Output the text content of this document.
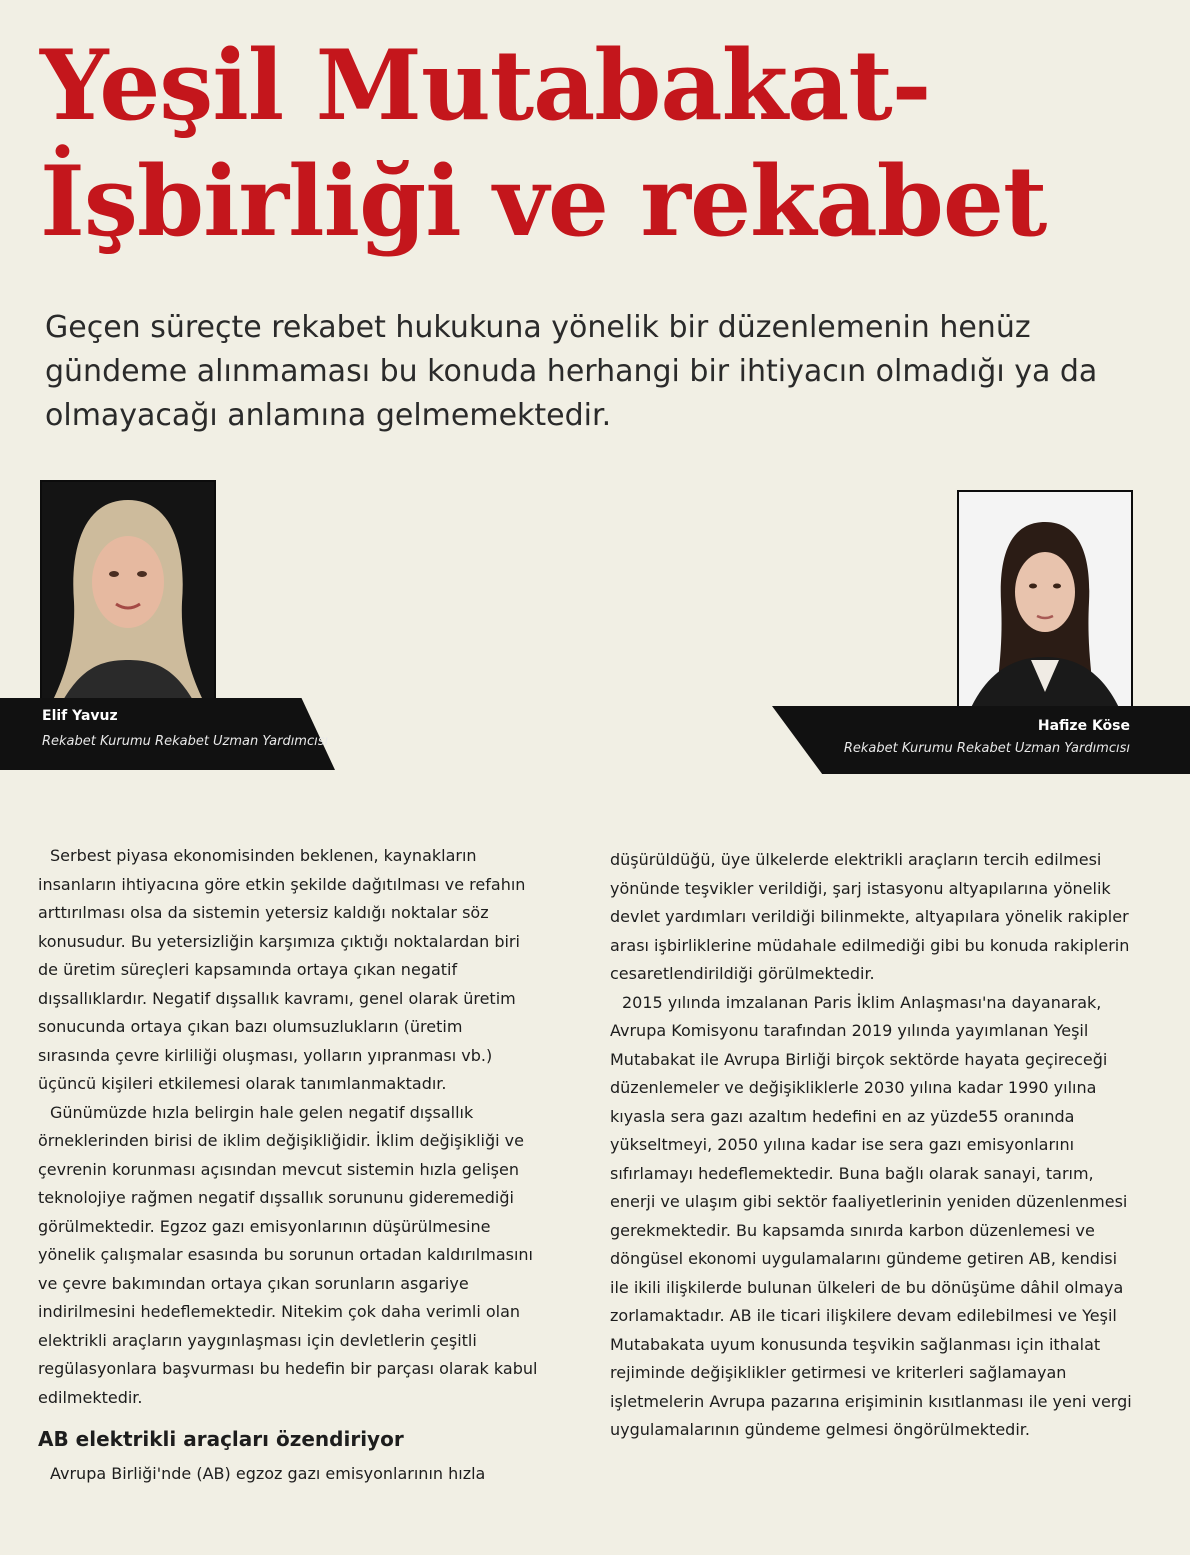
Yeşil Mutabakat-
İşbirliği ve rekabet

Geçen süreçte rekabet hukukuna yönelik bir düzenlemenin henüz gündeme alınmaması bu konuda herhangi bir ihtiyacın olmadığı ya da olmayacağı anlamına gelmemektedir.

Elif Yavuz
Rekabet Kurumu Rekabet Uzman Yardımcısı
Hafize Köse
Rekabet Kurumu Rekabet Uzman Yardımcısı

Serbest piyasa ekonomisinden beklenen, kaynakların insanların ihtiyacına göre etkin şekilde dağıtılması ve refahın arttırılması olsa da sistemin yetersiz kaldığı noktalar söz konusudur. Bu yetersizliğin karşımıza çıktığı noktalardan biri de üretim süreçleri kapsamında ortaya çıkan negatif dışsallıklardır. Negatif dışsallık kavramı, genel olarak üretim sonucunda ortaya çıkan bazı olumsuzlukların (üretim sırasında çevre kirliliği oluşması, yolların yıpranması vb.) üçüncü kişileri etkilemesi olarak tanımlanmaktadır.

Günümüzde hızla belirgin hale gelen negatif dışsallık örneklerinden birisi de iklim değişikliğidir. İklim değişikliği ve çevrenin korunması açısından mevcut sistemin hızla gelişen teknolojiye rağmen negatif dışsallık sorununu gideremediği görülmektedir. Egzoz gazı emisyonlarının düşürülmesine yönelik çalışmalar esasında bu sorunun ortadan kaldırılmasını ve çevre bakımından ortaya çıkan sorunların asgariye indirilmesini hedeflemektedir. Nitekim çok daha verimli olan elektrikli araçların yaygınlaşması için devletlerin çeşitli regülasyonlara başvurması bu hedefin bir parçası olarak kabul edilmektedir.

AB elektrikli araçları özendiriyor

Avrupa Birliği'nde (AB) egzoz gazı emisyonlarının hızla

düşürüldüğü, üye ülkelerde elektrikli araçların tercih edilmesi yönünde teşvikler verildiği, şarj istasyonu altyapılarına yönelik devlet yardımları verildiği bilinmekte, altyapılara yönelik rakipler arası işbirliklerine müdahale edilmediği gibi bu konuda rakiplerin cesaretlendirildiği görülmektedir.

2015 yılında imzalanan Paris İklim Anlaşması'na dayanarak, Avrupa Komisyonu tarafından 2019 yılında yayımlanan Yeşil Mutabakat ile Avrupa Birliği birçok sektörde hayata geçireceği düzenlemeler ve değişikliklerle 2030 yılına kadar 1990 yılına kıyasla sera gazı azaltım hedefini en az yüzde55 oranında yükseltmeyi, 2050 yılına kadar ise sera gazı emisyonlarını sıfırlamayı hedeflemektedir. Buna bağlı olarak sanayi, tarım, enerji ve ulaşım gibi sektör faaliyetlerinin yeniden düzenlenmesi gerekmektedir. Bu kapsamda sınırda karbon düzenlemesi ve döngüsel ekonomi uygulamalarını gündeme getiren AB, kendisi ile ikili ilişkilerde bulunan ülkeleri de bu dönüşüme dâhil olmaya zorlamaktadır. AB ile ticari ilişkilere devam edilebilmesi ve Yeşil Mutabakata uyum konusunda teşvikin sağlanması için ithalat rejiminde değişiklikler getirmesi ve kriterleri sağlamayan işletmelerin Avrupa pazarına erişiminin kısıtlanması ile yeni vergi uygulamalarının gündeme gelmesi öngörülmektedir.
